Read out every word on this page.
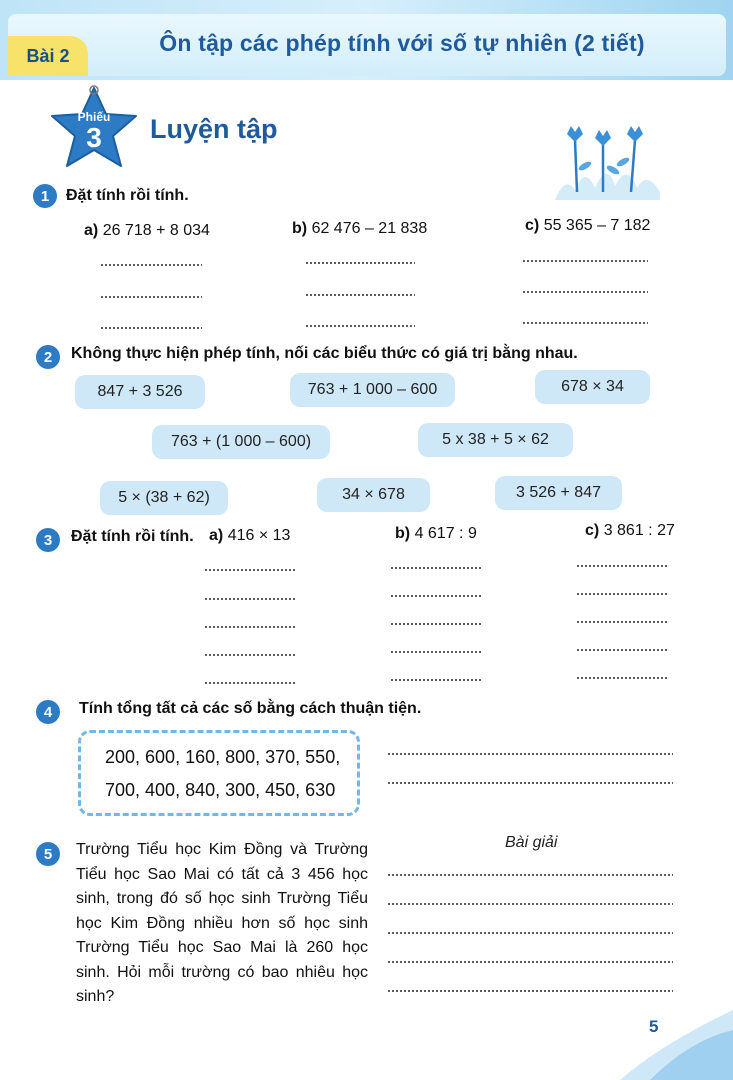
Bài 2	Ôn tập các phép tính với số tự nhiên (2 tiết)
Phiếu
3	Luyện tập
1	Đặt tính rồi tính.
a) 26 718 + 8 034	b) 62 476 – 21 838	c) 55 365 – 7 182
2	Không thực hiện phép tính, nối các biểu thức có giá trị bằng nhau.
847 + 3 526	763 + 1 000 – 600	678 × 34
763 + (1 000 – 600)	5 x 38 + 5 × 62
5 × (38 + 62)	34 × 678	3 526 + 847
3	Đặt tính rồi tính. a) 416 × 13	b) 4 617 : 9	c) 3 861 : 27
4	Tính tổng tất cả các số bằng cách thuận tiện.
200, 600, 160, 800, 370, 550,
700, 400, 840, 300, 450, 630
5	Trường Tiểu học Kim Đồng và Trường Tiểu học Sao Mai có tất cả 3 456 học sinh, trong đó số học sinh Trường Tiểu học Kim Đồng nhiều hơn số học sinh Trường Tiểu học Sao Mai là 260 học sinh. Hỏi mỗi trường có bao nhiêu học sinh?
Bài giải
5
